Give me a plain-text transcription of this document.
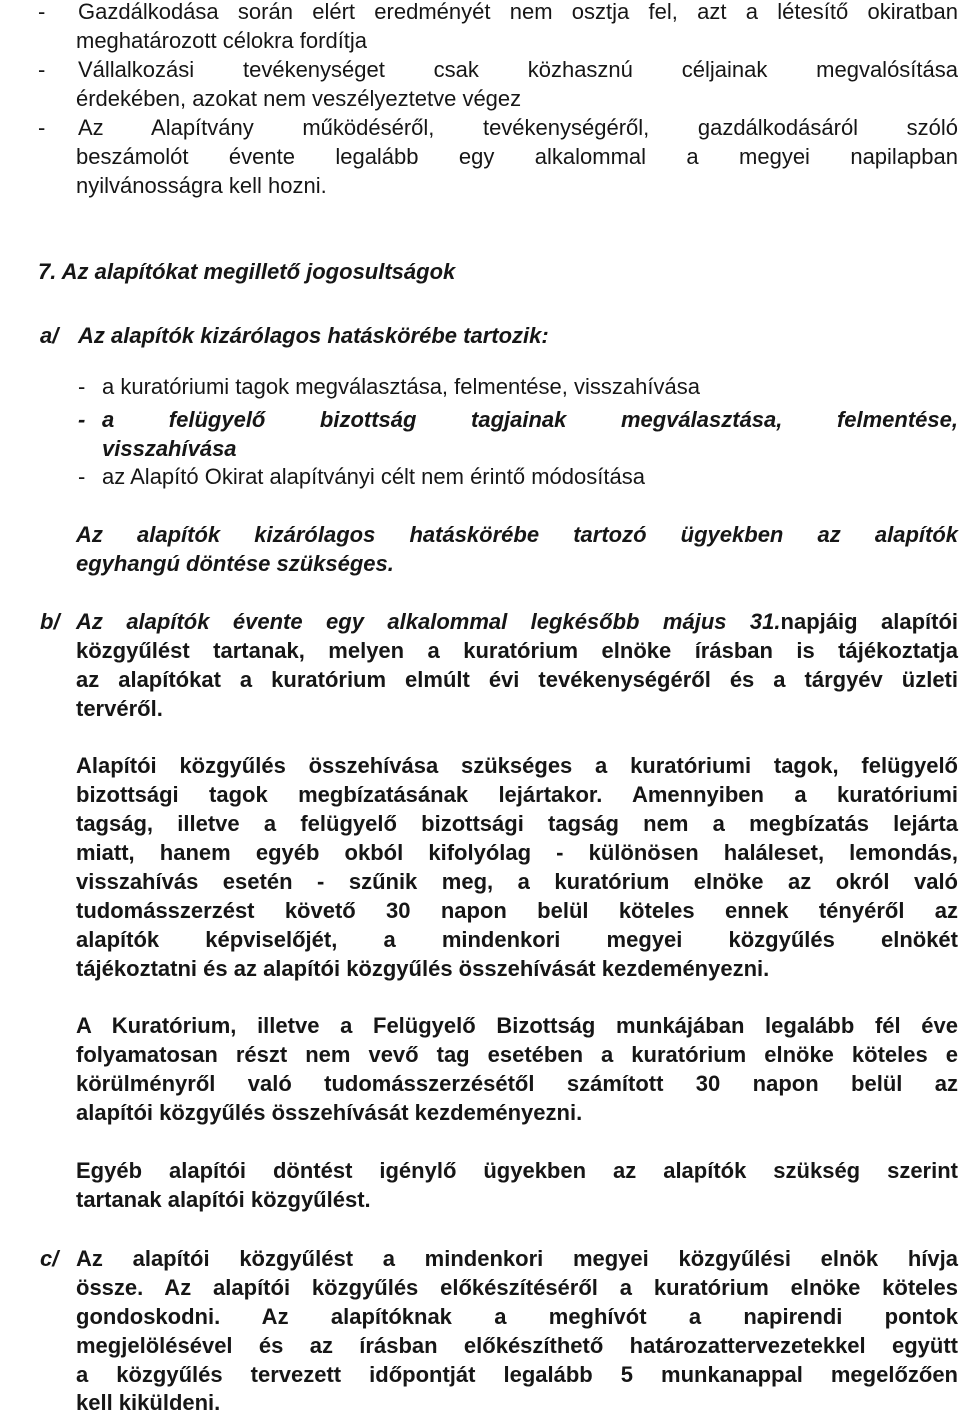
- Gazdálkodása során elért eredményét nem osztja fel, azt a létesítő okiratban
meghatározott célokra fordítja
- Vállalkozási tevékenységet csak közhasznú céljainak megvalósítása
érdekében, azokat nem veszélyeztetve végez
- Az Alapítvány működéséről, tevékenységéről, gazdálkodásáról szóló
beszámolót évente legalább egy alkalommal a megyei napilapban
nyilvánosságra kell hozni.
7. Az alapítókat megillető jogosultságok
a/ Az alapítók kizárólagos hatáskörébe tartozik:
- a kuratóriumi tagok megválasztása, felmentése, visszahívása
- a felügyelő bizottság tagjainak megválasztása, felmentése,
visszahívása
- az Alapító Okirat alapítványi célt nem érintő módosítása
Az alapítók kizárólagos hatáskörébe tartozó ügyekben az alapítók
egyhangú döntése szükséges.
b/ Az alapítók évente egy alkalommal legkésőbb május 31.napjáig alapítói
közgyűlést tartanak, melyen a kuratórium elnöke írásban is tájékoztatja
az alapítókat a kuratórium elmúlt évi tevékenységéről és a tárgyév üzleti
tervéről.
Alapítói közgyűlés összehívása szükséges a kuratóriumi tagok, felügyelő
bizottsági tagok megbízatásának lejártakor. Amennyiben a kuratóriumi
tagság, illetve a felügyelő bizottsági tagság nem a megbízatás lejárta
miatt, hanem egyéb okból kifolyólag - különösen haláleset, lemondás,
visszahívás esetén - szűnik meg, a kuratórium elnöke az okról való
tudomásszerzést követő 30 napon belül köteles ennek tényéről az
alapítók képviselőjét, a mindenkori megyei közgyűlés elnökét
tájékoztatni és az alapítói közgyűlés összehívását kezdeményezni.
A Kuratórium, illetve a Felügyelő Bizottság munkájában legalább fél éve
folyamatosan részt nem vevő tag esetében a kuratórium elnöke köteles e
körülményről való tudomásszerzésétől számított 30 napon belül az
alapítói közgyűlés összehívását kezdeményezni.
Egyéb alapítói döntést igénylő ügyekben az alapítók szükség szerint
tartanak alapítói közgyűlést.
c/ Az alapítói közgyűlést a mindenkori megyei közgyűlési elnök hívja
össze. Az alapítói közgyűlés előkészítéséről a kuratórium elnöke köteles
gondoskodni. Az alapítóknak a meghívót a napirendi pontok
megjelölésével és az írásban előkészíthető határozattervezetekkel együtt
a közgyűlés tervezett időpontját legalább 5 munkanappal megelőzően
kell kiküldeni.
